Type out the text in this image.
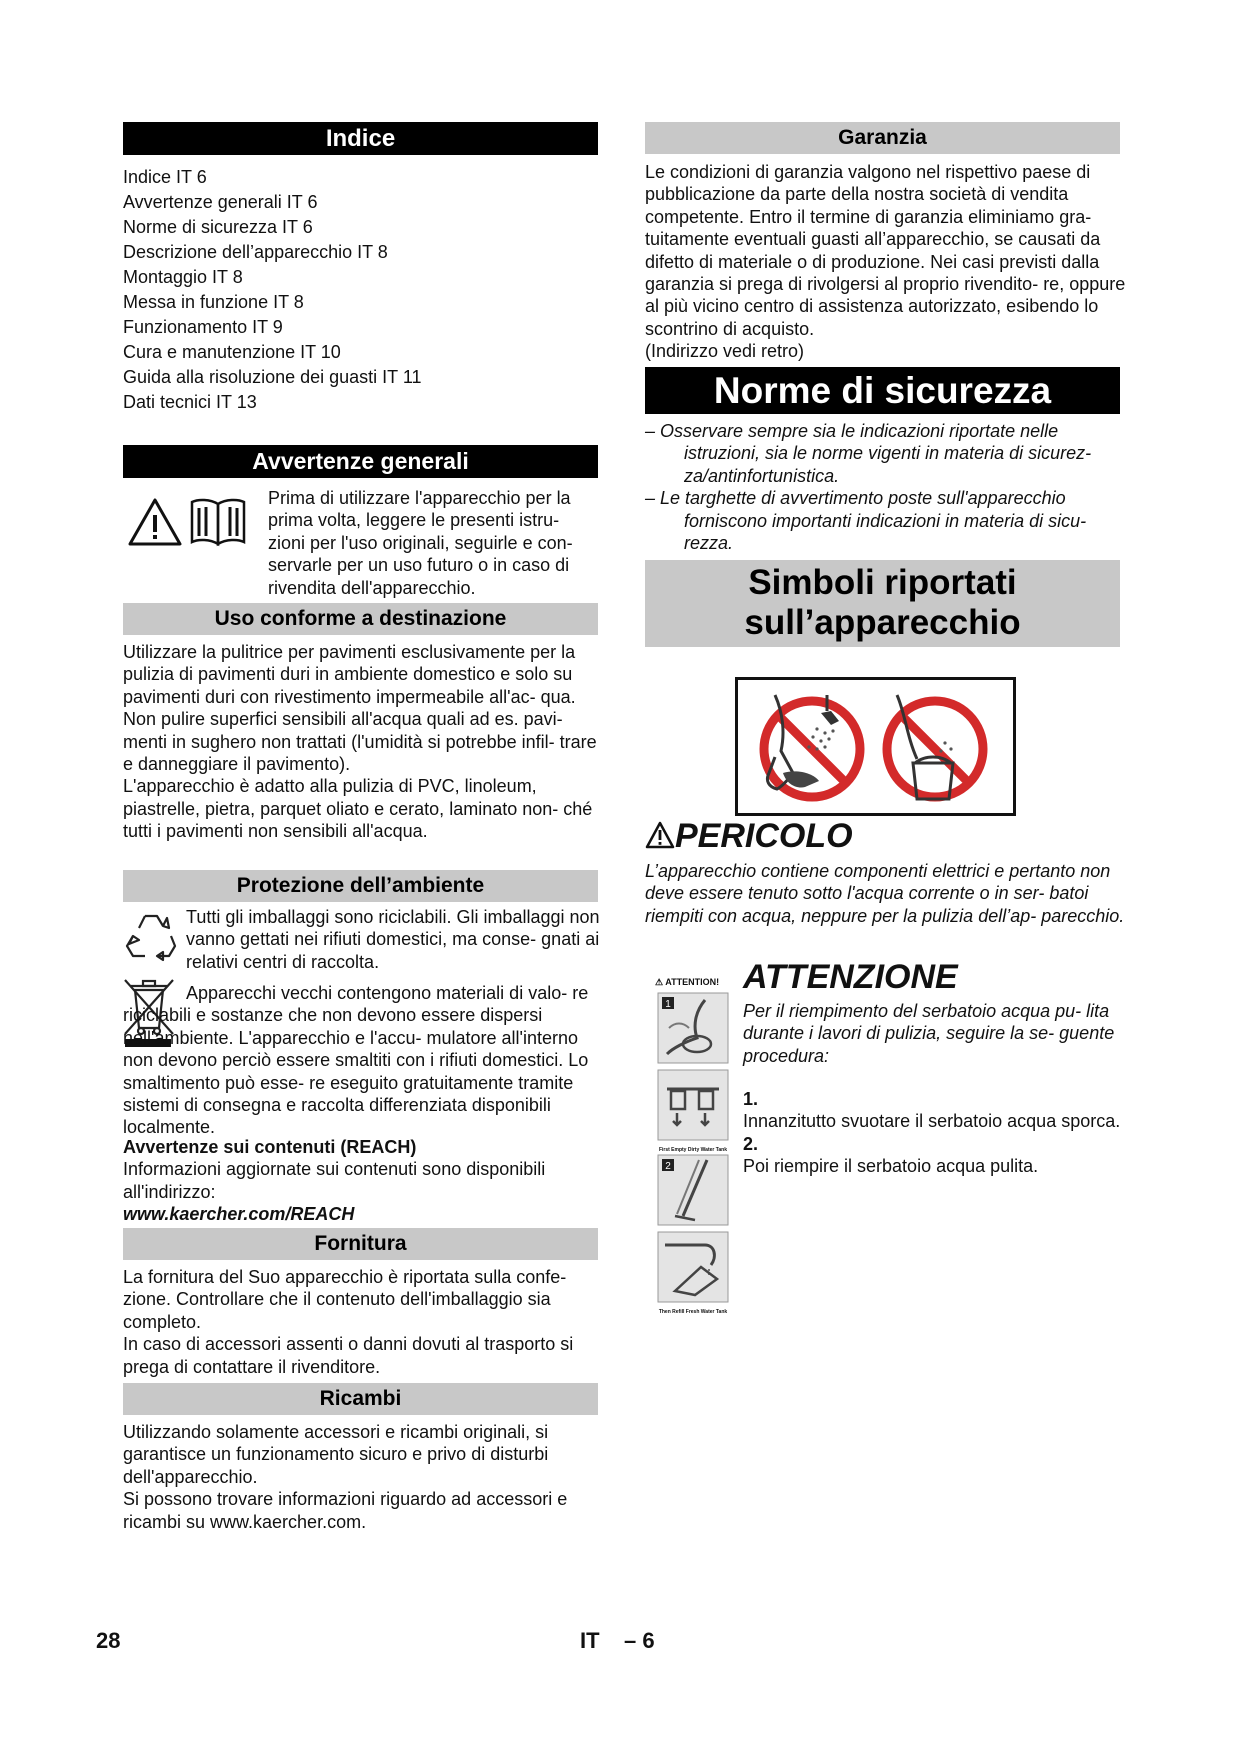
Indice
Indice IT 6
Avvertenze generali IT 6
Norme di sicurezza IT 6
Descrizione dell’apparecchio IT 8
Montaggio IT 8
Messa in funzione IT 8
Funzionamento IT 9
Cura e manutenzione IT 10
Guida alla risoluzione dei guasti IT 11
Dati tecnici IT 13
Avvertenze generali

Prima di utilizzare l'apparecchio per la prima volta, leggere le presenti istru- zioni per l'uso originali, seguirle e con- servarle per un uso futuro o in caso di rivendita dell'apparecchio.

Uso conforme a destinazione

Utilizzare la pulitrice per pavimenti esclusivamente per la pulizia di pavimenti duri in ambiente domestico e solo su pavimenti duri con rivestimento impermeabile all'ac- qua.

Non pulire superfici sensibili all'acqua quali ad es. pavi- menti in sughero non trattati (l'umidità si potrebbe infil- trare e danneggiare il pavimento).

L'apparecchio è adatto alla pulizia di PVC, linoleum, piastrelle, pietra, parquet oliato e cerato, laminato non- ché tutti i pavimenti non sensibili all'acqua.

Protezione dell’ambiente

Tutti gli imballaggi sono riciclabili. Gli imballaggi non vanno gettati nei rifiuti domestici, ma conse- gnati ai relativi centri di raccolta.

Apparecchi vecchi contengono materiali di valo- re riciclabili e sostanze che non devono essere dispersi nell'ambiente. L'apparecchio e l'accu- mulatore all'interno non devono perciò essere smaltiti con i rifiuti domestici. Lo smaltimento può esse- re eseguito gratuitamente tramite sistemi di consegna e raccolta differenziata disponibili localmente.

Avvertenze sui contenuti (REACH)

Informazioni aggiornate sui contenuti sono disponibili all'indirizzo:

www.kaercher.com/REACH

Fornitura

La fornitura del Suo apparecchio è riportata sulla confe- zione. Controllare che il contenuto dell'imballaggio sia completo.

In caso di accessori assenti o danni dovuti al trasporto si prega di contattare il rivenditore.

Ricambi

Utilizzando solamente accessori e ricambi originali, si garantisce un funzionamento sicuro e privo di disturbi dell'apparecchio.

Si possono trovare informazioni riguardo ad accessori e ricambi su www.kaercher.com.

Garanzia

Le condizioni di garanzia valgono nel rispettivo paese di pubblicazione da parte della nostra società di vendita competente. Entro il termine di garanzia eliminiamo gra- tuitamente eventuali guasti all’apparecchio, se causati da difetto di materiale o di produzione. Nei casi previsti dalla garanzia si prega di rivolgersi al proprio rivendito- re, oppure al più vicino centro di assistenza autorizzato, esibendo lo scontrino di acquisto.

(Indirizzo vedi retro)

Norme di sicurezza

– Osservare sempre sia le indicazioni riportate nelle istruzioni, sia le norme vigenti in materia di sicurez- za/antinfortunistica.

– Le targhette di avvertimento poste sull'apparecchio forniscono importanti indicazioni in materia di sicu- rezza.

Simboli riportati
sull’apparecchio
PERICOLO

L’apparecchio contiene componenti elettrici e pertanto non deve essere tenuto sotto l'acqua corrente o in ser- batoi riempiti con acqua, neppure per la pulizia dell’ap- parecchio.

⚠ ATTENTION!
1

First Empty Dirty Water Tank
2

Then Refill Fresh Water Tank
ATTENZIONE

Per il riempimento del serbatoio acqua pu- lita durante i lavori di pulizia, seguire la se- guente procedura:

1.

Innanzitutto svuotare il serbatoio acqua sporca.

2.

Poi riempire il serbatoio acqua pulita.

28	IT – 6
